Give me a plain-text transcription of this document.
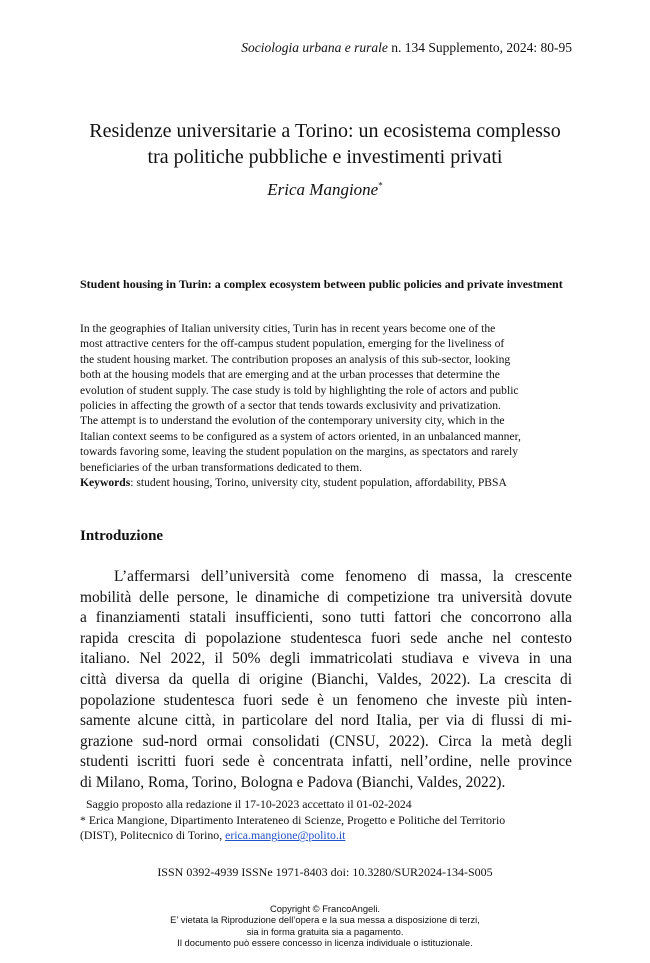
Sociologia urbana e rurale n. 134 Supplemento, 2024: 80-95
Residenze universitarie a Torino: un ecosistema complesso
tra politiche pubbliche e investimenti privati
Erica Mangione*
Student housing in Turin: a complex ecosystem between public policies and private investment
In the geographies of Italian university cities, Turin has in recent years become one of the
most attractive centers for the off-campus student population, emerging for the liveliness of
the student housing market. The contribution proposes an analysis of this sub-sector, looking
both at the housing models that are emerging and at the urban processes that determine the
evolution of student supply. The case study is told by highlighting the role of actors and public
policies in affecting the growth of a sector that tends towards exclusivity and privatization.
The attempt is to understand the evolution of the contemporary university city, which in the
Italian context seems to be configured as a system of actors oriented, in an unbalanced manner,
towards favoring some, leaving the student population on the margins, as spectators and rarely
beneficiaries of the urban transformations dedicated to them.
Keywords: student housing, Torino, university city, student population, affordability, PBSA
Introduzione
L’affermarsi dell’università come fenomeno di massa, la crescente
mobilità delle persone, le dinamiche di competizione tra università dovute
a finanziamenti statali insufficienti, sono tutti fattori che concorrono alla
rapida crescita di popolazione studentesca fuori sede anche nel contesto
italiano. Nel 2022, il 50% degli immatricolati studiava e viveva in una
città diversa da quella di origine (Bianchi, Valdes, 2022). La crescita di
popolazione studentesca fuori sede è un fenomeno che investe più inten-
samente alcune città, in particolare del nord Italia, per via di flussi di mi-
grazione sud-nord ormai consolidati (CNSU, 2022). Circa la metà degli
studenti iscritti fuori sede è concentrata infatti, nell’ordine, nelle province
di Milano, Roma, Torino, Bologna e Padova (Bianchi, Valdes, 2022).
Saggio proposto alla redazione il 17-10-2023 accettato il 01-02-2024
* Erica Mangione, Dipartimento Interateneo di Scienze, Progetto e Politiche del Territorio
(DIST), Politecnico di Torino, erica.mangione@polito.it
ISSN 0392-4939 ISSNe 1971-8403 doi: 10.3280/SUR2024-134-S005
Copyright © FrancoAngeli.
E’ vietata la Riproduzione dell’opera e la sua messa a disposizione di terzi,
sia in forma gratuita sia a pagamento.
Il documento può essere concesso in licenza individuale o istituzionale.
